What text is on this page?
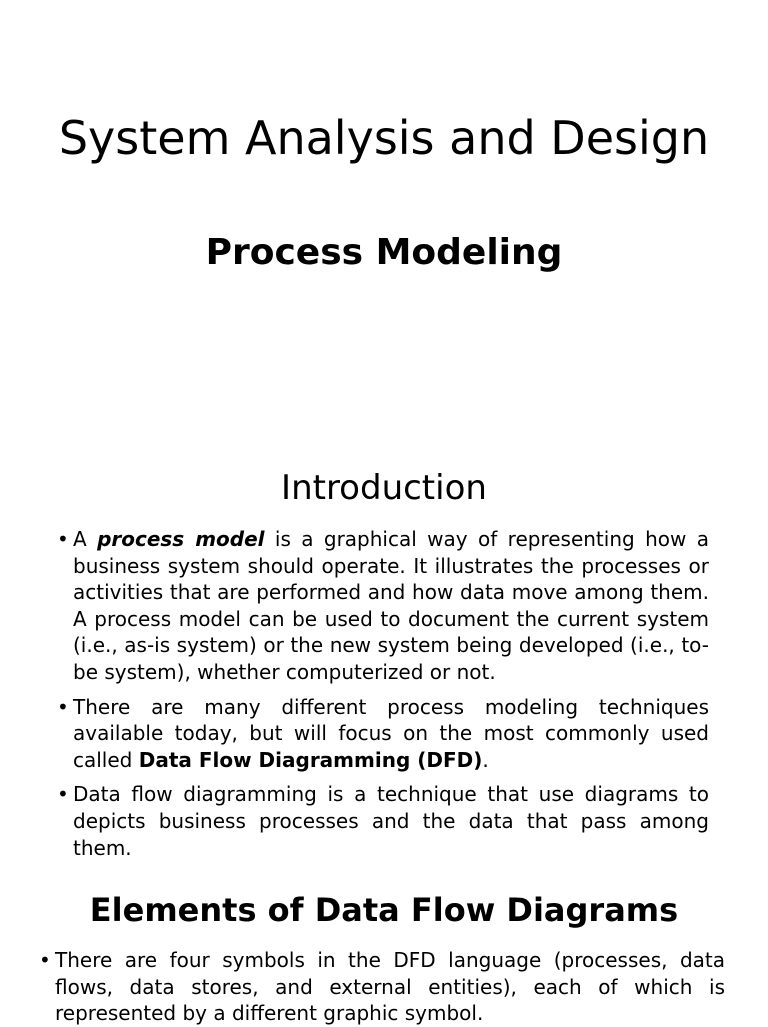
System Analysis and Design
Process Modeling
Introduction
• A process model is a graphical way of representing how a business system should operate. It illustrates the processes or activities that are performed and how data move among them. A process model can be used to document the current system (i.e., as-is system) or the new system being developed (i.e., to-be system), whether computerized or not.
• There are many different process modeling techniques available today, but will focus on the most commonly used called Data Flow Diagramming (DFD).
• Data flow diagramming is a technique that use diagrams to depicts business processes and the data that pass among them.
Elements of Data Flow Diagrams
• There are four symbols in the DFD language (processes, data flows, data stores, and external entities), each of which is represented by a different graphic symbol.
